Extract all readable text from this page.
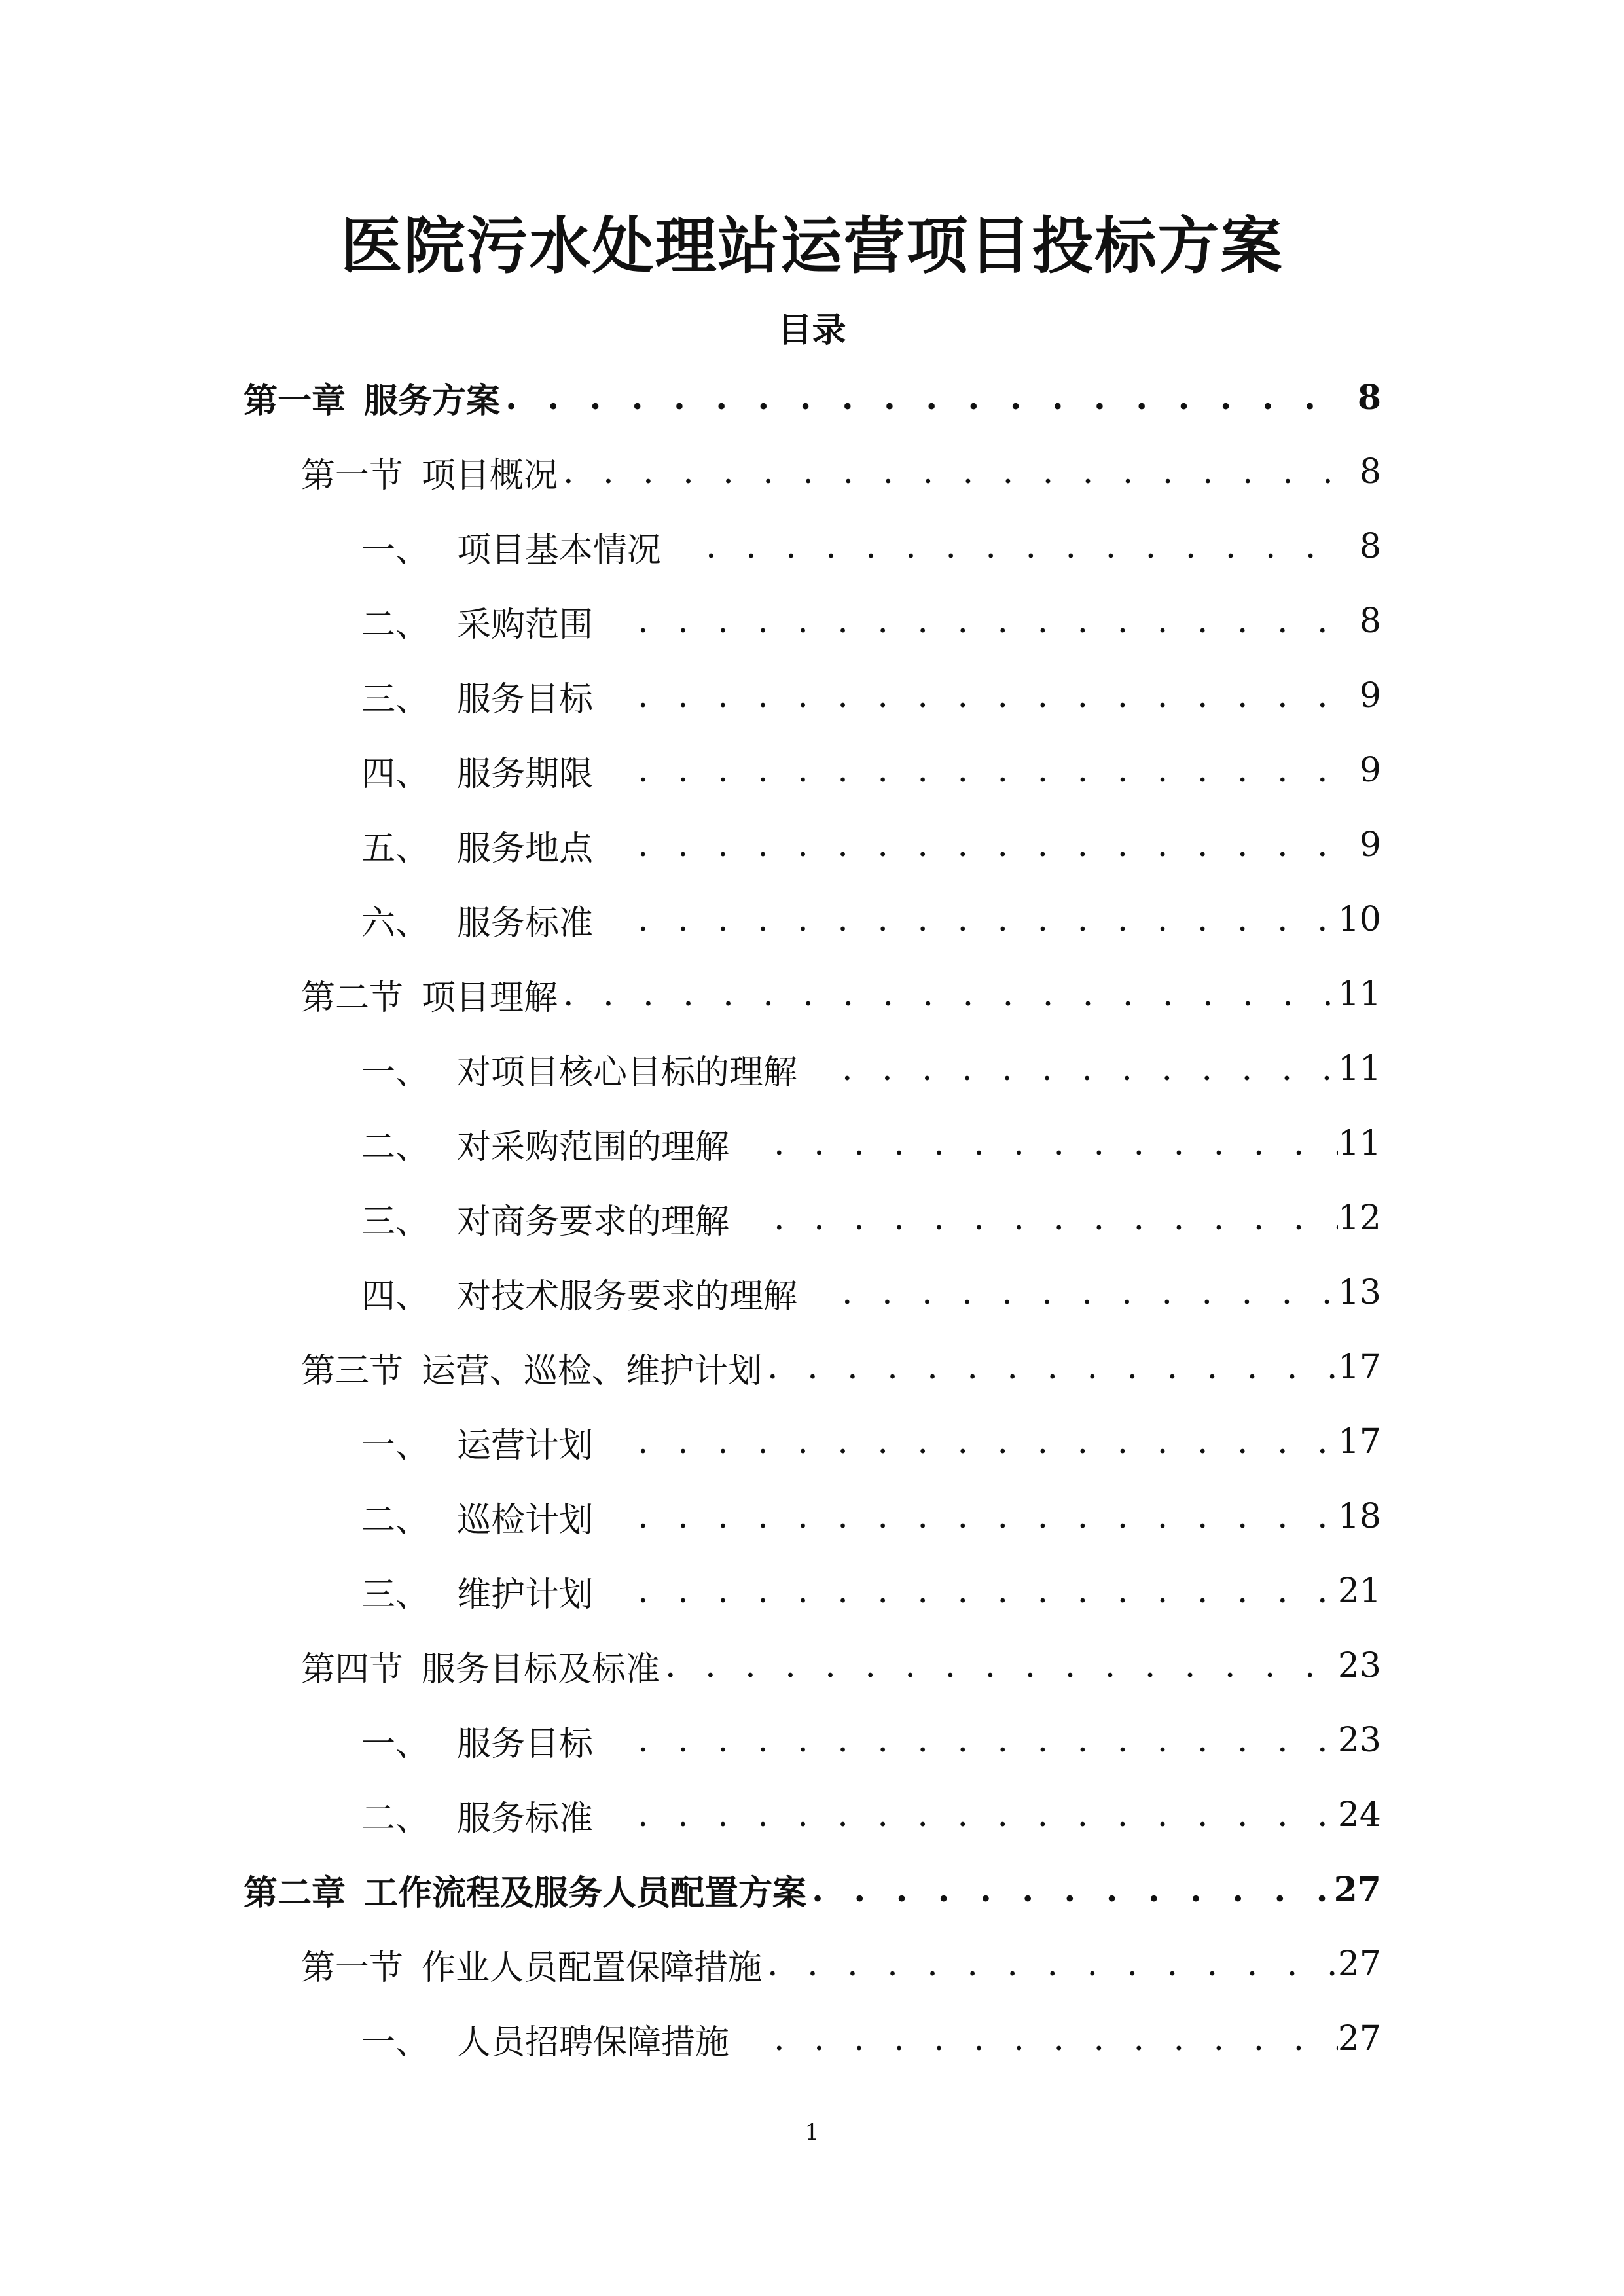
医院污水处理站运营项目投标方案
目录
第一章 服务方案 . . .	8
第一节 项目概况 . . .	8
一、 项目基本情况 . . .	8
二、 采购范围 . . .	8
三、 服务目标 . . .	9
四、 服务期限 . . .	9
五、 服务地点 . . .	9
六、 服务标准 . . .	10
第二节 项目理解 . . .	11
一、 对项目核心目标的理解 . . .	11
二、 对采购范围的理解 . . .	11
三、 对商务要求的理解 . . .	12
四、 对技术服务要求的理解 . . .	13
第三节 运营、巡检、维护计划 . . .	17
一、 运营计划 . . .	17
二、 巡检计划 . . .	18
三、 维护计划 . . .	21
第四节 服务目标及标准 . . .	23
一、 服务目标 . . .	23
二、 服务标准 . . .	24
第二章 工作流程及服务人员配置方案 . . .	27
第一节 作业人员配置保障措施 . . .	27
一、 人员招聘保障措施 . . .	27
1
